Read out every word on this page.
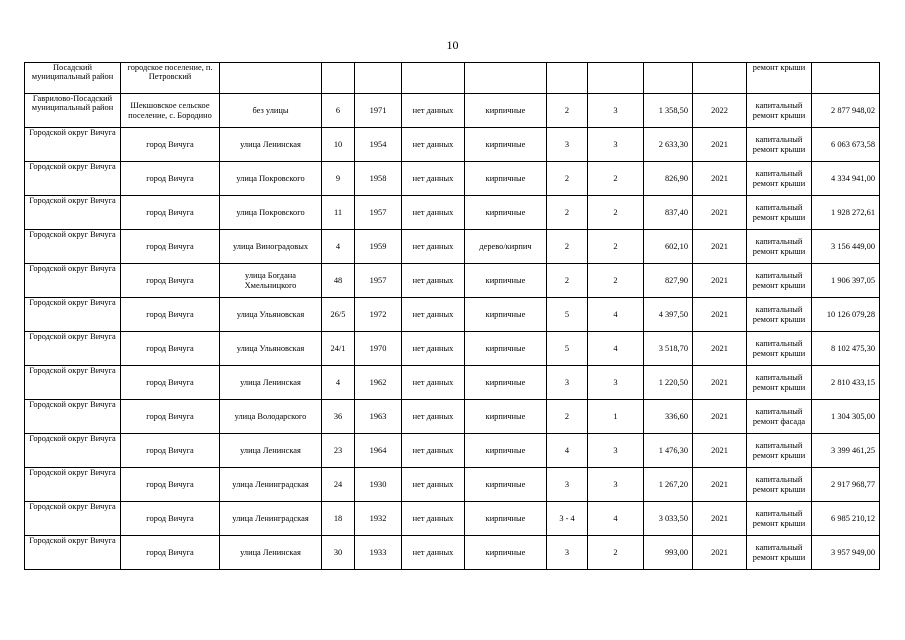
10
Посадский муниципальный район	городское поселение, п. Петровский										ремонт крыши	
Гаврилово-Посадский муниципальный район	Шекшовское сельское поселение, с. Бородино	без улицы	6	1971	нет данных	кирпичные	2	3	1 358,50	2022	капитальный ремонт крыши	2 877 948,02
Городской округ Вичуга	город Вичуга	улица Ленинская	10	1954	нет данных	кирпичные	3	3	2 633,30	2021	капитальный ремонт крыши	6 063 673,58
Городской округ Вичуга	город Вичуга	улица Покровского	9	1958	нет данных	кирпичные	2	2	826,90	2021	капитальный ремонт крыши	4 334 941,00
Городской округ Вичуга	город Вичуга	улица Покровского	11	1957	нет данных	кирпичные	2	2	837,40	2021	капитальный ремонт крыши	1 928 272,61
Городской округ Вичуга	город Вичуга	улица Виноградовых	4	1959	нет данных	дерево/кирпич	2	2	602,10	2021	капитальный ремонт крыши	3 156 449,00
Городской округ Вичуга	город Вичуга	улица Богдана Хмельницкого	48	1957	нет данных	кирпичные	2	2	827,90	2021	капитальный ремонт крыши	1 906 397,05
Городской округ Вичуга	город Вичуга	улица Ульяновская	26/5	1972	нет данных	кирпичные	5	4	4 397,50	2021	капитальный ремонт крыши	10 126 079,28
Городской округ Вичуга	город Вичуга	улица Ульяновская	24/1	1970	нет данных	кирпичные	5	4	3 518,70	2021	капитальный ремонт крыши	8 102 475,30
Городской округ Вичуга	город Вичуга	улица Ленинская	4	1962	нет данных	кирпичные	3	3	1 220,50	2021	капитальный ремонт крыши	2 810 433,15
Городской округ Вичуга	город Вичуга	улица Володарского	36	1963	нет данных	кирпичные	2	1	336,60	2021	капитальный ремонт фасада	1 304 305,00
Городской округ Вичуга	город Вичуга	улица Ленинская	23	1964	нет данных	кирпичные	4	3	1 476,30	2021	капитальный ремонт крыши	3 399 461,25
Городской округ Вичуга	город Вичуга	улица Ленинградская	24	1930	нет данных	кирпичные	3	3	1 267,20	2021	капитальный ремонт крыши	2 917 968,77
Городской округ Вичуга	город Вичуга	улица Ленинградская	18	1932	нет данных	кирпичные	3 - 4	4	3 033,50	2021	капитальный ремонт крыши	6 985 210,12
Городской округ Вичуга	город Вичуга	улица Ленинская	30	1933	нет данных	кирпичные	3	2	993,00	2021	капитальный ремонт крыши	3 957 949,00
